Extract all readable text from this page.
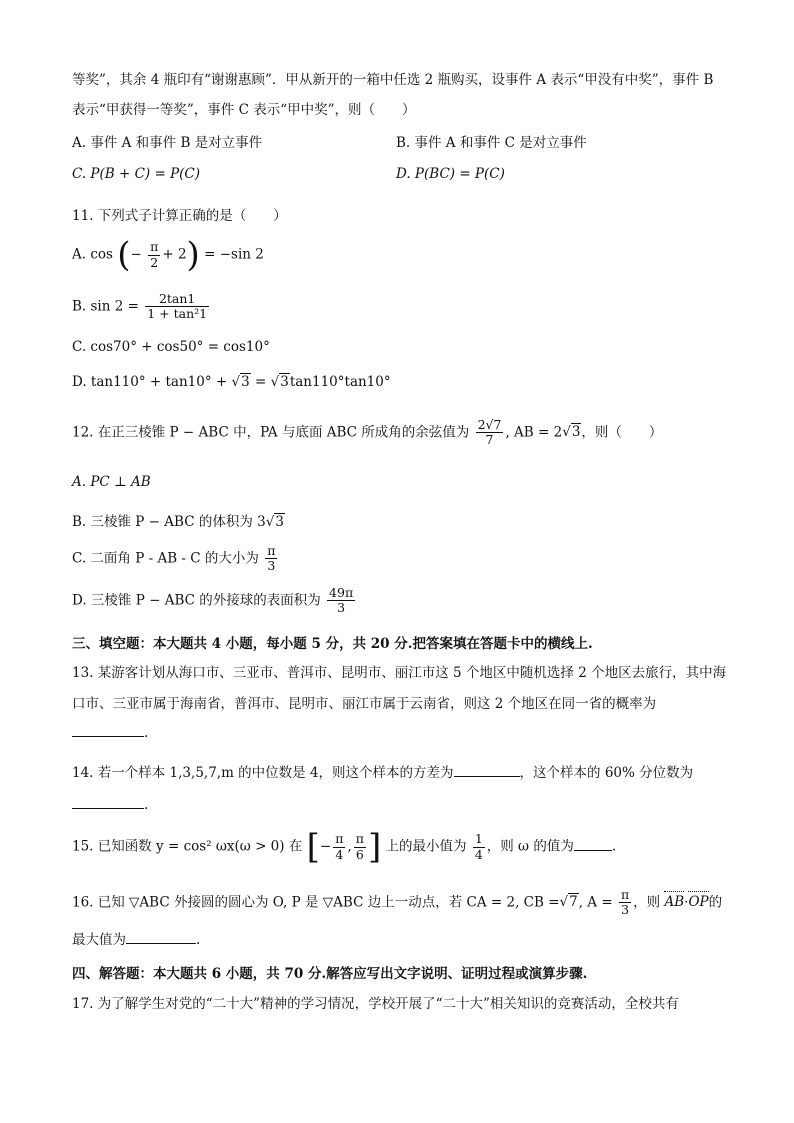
等奖”，其余 4 瓶印有“谢谢惠顾”．甲从新开的一箱中任选 2 瓶购买，设事件 A 表示“甲没有中奖”，事件 B
表示“甲获得一等奖”，事件 C 表示“甲中奖”，则（　　）
A. 事件 A 和事件 B 是对立事件	B. 事件 A 和事件 C 是对立事件
C. P(B + C) = P(C)	D. P(BC) = P(C)
11. 下列式子计算正确的是（　　）
A. cos (− $\frac{\pi}{2} + 2) = -\sin$ 2
B. $\sin 2 = \frac{2\tan 1}{\text{1 + tan²1}}$
C. cos70° + cos50° = cos10°
D. tan110° + tan10° + √3 = √3tan110°tan10°
12. 在正三棱锥 P − ABC 中，PA 与底面 ABC 所成角的余弦值为 $\frac{2√7}{7}$ , AB = 2√3，则（　　）
A. PC ⊥ AB
B. 三棱锥 P − ABC 的体积为 3√3
C. 二面角 P - AB - C 的大小为 $\frac{\pi}{3}$
D. 三棱锥 P − ABC 的外接球的表面积为 $\frac{49\pi}{3}$
三、填空题：本大题共 4 小题，每小题 5 分，共 20 分.把答案填在答题卡中的横线上.
13. 某游客计划从海口市、三亚市、普洱市、昆明市、丽江市这 5 个地区中随机选择 2 个地区去旅行，其中海
口市、三亚市属于海南省，普洱市、昆明市、丽江市属于云南省，则这 2 个地区在同一省的概率为
.
14. 若一个样本 1,3,5,7,m 的中位数是 4，则这个样本的方差为	，这个样本的 60% 分位数为
.
15. 已知函数 y = cos² ωx(ω > 0) 在 [− $\frac{\pi}{4}$ , $\frac{\pi}{6}$ ] 上的最小值为 $\frac{1}{4}$ ，则 ω 的值为	.
16. 已知 ▽ABC 外接圆的圆心为 O, P 是 ▽ABC 边上一动点，若 CA = 2, CB =√7, $A = \frac{\pi}{3}$ ，则 AB·OP的
最大值为	.
四、解答题：本大题共 6 小题，共 70 分.解答应写出文字说明、证明过程或演算步骤.
17. 为了解学生对党的“二十大”精神的学习情况，学校开展了“二十大”相关知识的竞赛活动，全校共有
